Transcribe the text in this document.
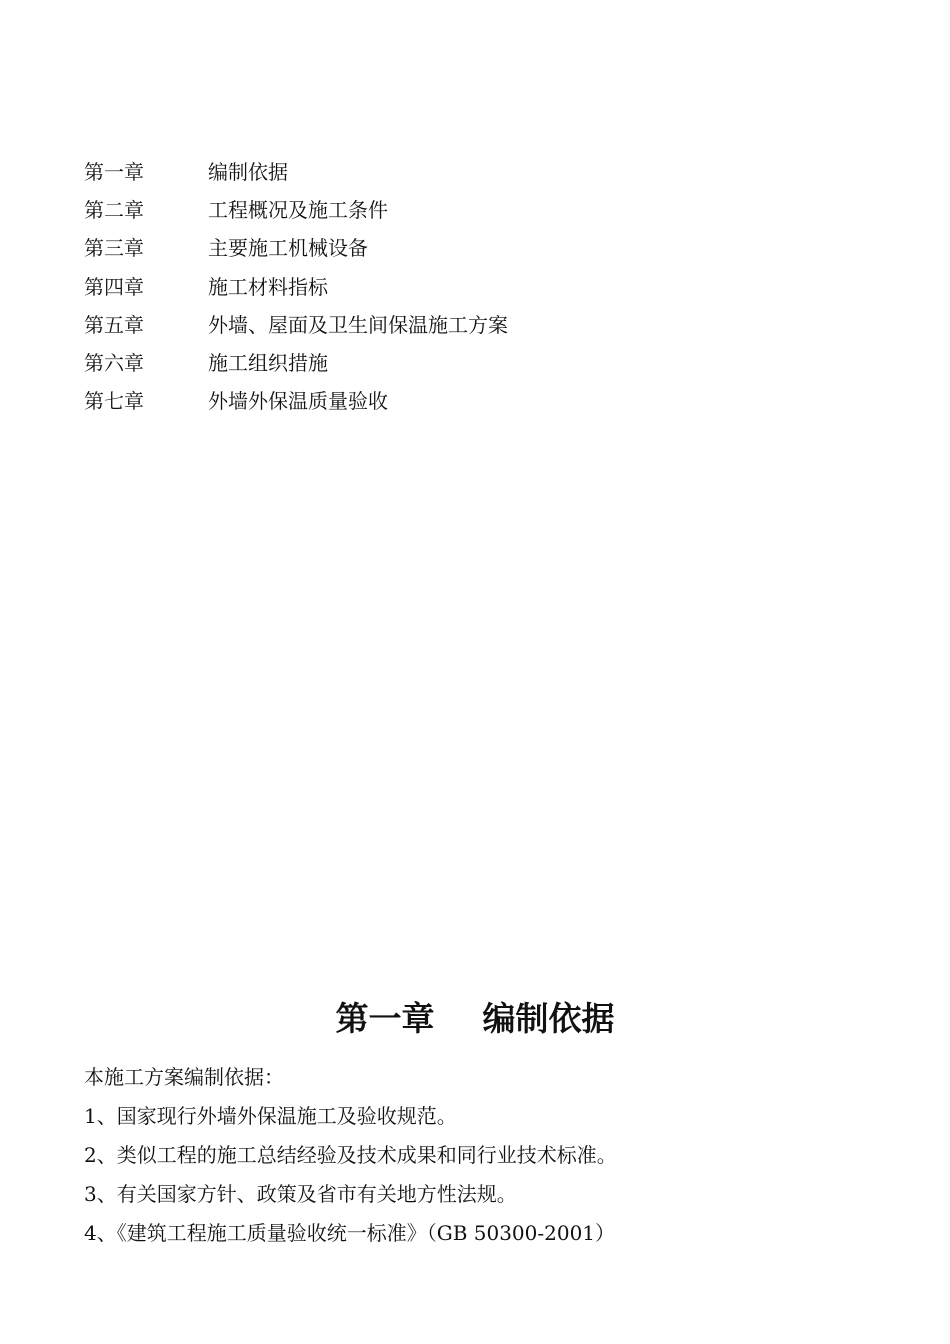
第一章	编制依据
第二章	工程概况及施工条件
第三章	主要施工机械设备
第四章	施工材料指标
第五章	外墙、屋面及卫生间保温施工方案
第六章	施工组织措施
第七章	外墙外保温质量验收
第一章 编制依据
本施工方案编制依据：
1、国家现行外墙外保温施工及验收规范。
2、类似工程的施工总结经验及技术成果和同行业技术标准。
3、有关国家方针、政策及省市有关地方性法规。
4、《建筑工程施工质量验收统一标准》（GB 50300-2001）
